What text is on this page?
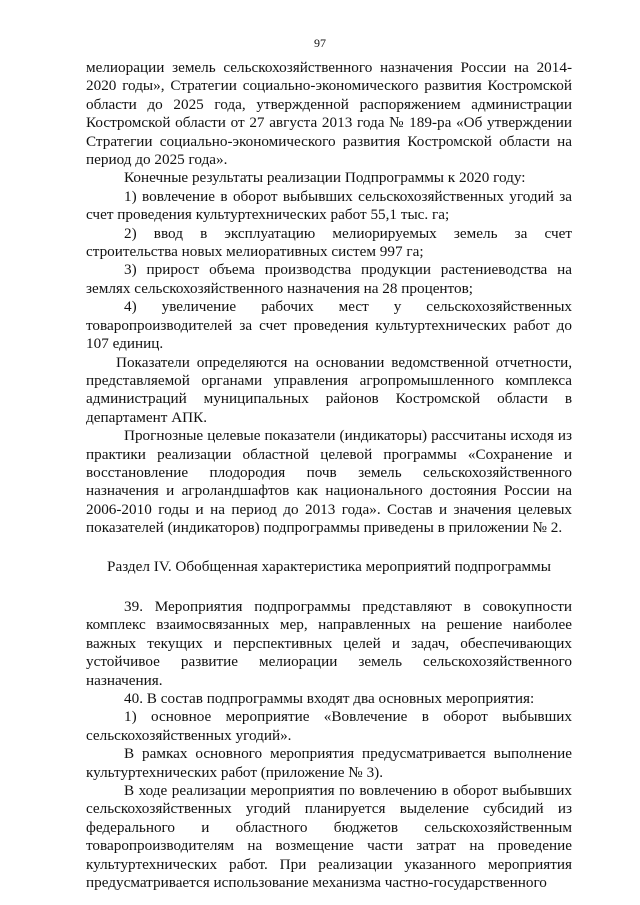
97

мелиорации земель сельскохозяйственного назначения России на 2014-2020 годы», Стратегии социально-экономического развития Костромской области до 2025 года, утвержденной распоряжением администрации Костромской области от 27 августа 2013 года № 189-ра «Об утверждении Стратегии социально-экономического развития Костромской области на период до 2025 года».

Конечные результаты реализации Подпрограммы к 2020 году:

1) вовлечение в оборот выбывших сельскохозяйственных угодий за счет проведения культуртехнических работ 55,1 тыс. га;

2) ввод в эксплуатацию мелиорируемых земель за счет строительства новых мелиоративных систем 997 га;

3) прирост объема производства продукции растениеводства на землях сельскохозяйственного назначения на 28 процентов;

4) увеличение рабочих мест у сельскохозяйственных товаропроизводителей за счет проведения культуртехнических работ до 107 единиц.

Показатели определяются на основании ведомственной отчетности, представляемой органами управления агропромышленного комплекса администраций муниципальных районов Костромской области в департамент АПК.

Прогнозные целевые показатели (индикаторы) рассчитаны исходя из практики реализации областной целевой программы «Сохранение и восстановление плодородия почв земель сельскохозяйственного назначения и агроландшафтов как национального достояния России на 2006-2010 годы и на период до 2013 года». Состав и значения целевых показателей (индикаторов) подпрограммы приведены в приложении № 2.

Раздел IV. Обобщенная характеристика мероприятий подпрограммы

39. Мероприятия подпрограммы представляют в совокупности комплекс взаимосвязанных мер, направленных на решение наиболее важных текущих и перспективных целей и задач, обеспечивающих устойчивое развитие мелиорации земель сельскохозяйственного назначения.

40. В состав подпрограммы входят два основных мероприятия:

1) основное мероприятие «Вовлечение в оборот выбывших сельскохозяйственных угодий».

В рамках основного мероприятия предусматривается выполнение культуртехнических работ (приложение № 3).

В ходе реализации мероприятия по вовлечению в оборот выбывших сельскохозяйственных угодий планируется выделение субсидий из федерального и областного бюджетов сельскохозяйственным товаропроизводителям на возмещение части затрат на проведение культуртехнических работ. При реализации указанного мероприятия предусматривается использование механизма частно-государственного
